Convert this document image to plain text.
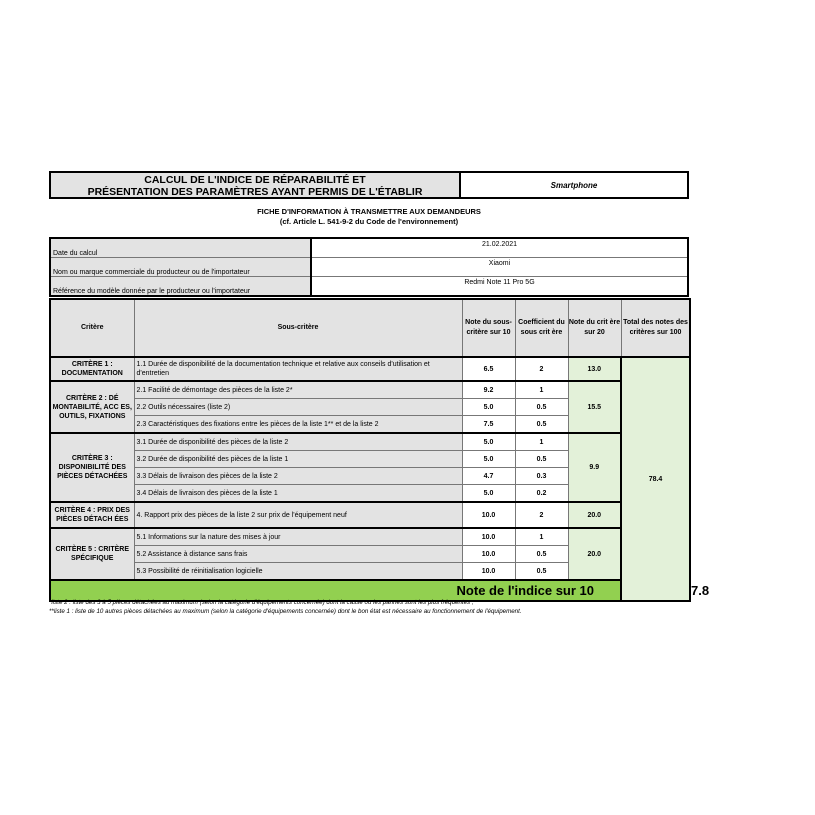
CALCUL DE L'INDICE DE RÉPARABILITÉ ET
PRÉSENTATION DES PARAMÈTRES AYANT PERMIS DE L'ÉTABLIR
Smartphone
FICHE D'INFORMATION À TRANSMETTRE AUX DEMANDEURS
(cf. Article L. 541-9-2 du Code de l'environnement)
Date du calcul	21.02.2021
Nom ou marque commerciale du producteur ou de l'importateur	Xiaomi
Référence du modèle donnée par le producteur ou l'importateur	Redmi Note 11 Pro 5G
Critère	Sous-critère	Note du sous-critère sur 10	Coefficient du sous crit ère	Note du crit ère sur 20	Total des notes des critères sur 100	
CRITÈRE 1 : DOCUMENTATION	1.1 Durée de disponibilité de la documentation technique et relative aux conseils d'utilisation et d'entretien	6.5	2	13.0	78.4	
CRITÈRE 2 : DÉ MONTABILITÉ, ACC ES, OUTILS, FIXATIONS	2.1 Facilité de démontage des pièces de la liste 2*	9.2	1	15.5		
	2.2 Outils nécessaires (liste 2)	5.0	0.5			
	2.3 Caractéristiques des fixations entre les pièces de la liste 1** et de la liste 2	7.5	0.5			
CRITÈRE 3 : DISPONIBILITÉ DES PIÈCES DÉTACHÉES	3.1 Durée de disponibilité des pièces de la liste 2	5.0	1	9.9		
	3.2 Durée de disponibilité des pièces de la liste 1	5.0	0.5			
	3.3 Délais de livraison des pièces de la liste 2	4.7	0.3			
	3.4 Délais de livraison des pièces de la liste 1	5.0	0.2			
CRITÈRE 4 : PRIX DES PIÈCES DÉTACH ÉES	4. Rapport prix des pièces de la liste 2 sur prix de l'équipement neuf	10.0	2	20.0		
CRITÈRE 5 : CRITÈRE SPÉCIFIQUE	5.1 Informations sur la nature des mises à jour	10.0	1	20.0		
	5.2 Assistance à distance sans frais	10.0	0.5			
	5.3 Possibilité de réinitialisation logicielle	10.0	0.5			
Note de l'indice sur 10						7.8
*liste 2 : liste des 3 à 5 pièces détachées au maximum (selon la catégorie d'équipements concernée) dont la casse ou les pannes sont les plus fréquentes ;
**liste 1 : liste de 10 autres pièces détachées au maximum (selon la catégorie d'équipements concernée) dont le bon état est nécessaire au fonctionnement de l'équipement.
